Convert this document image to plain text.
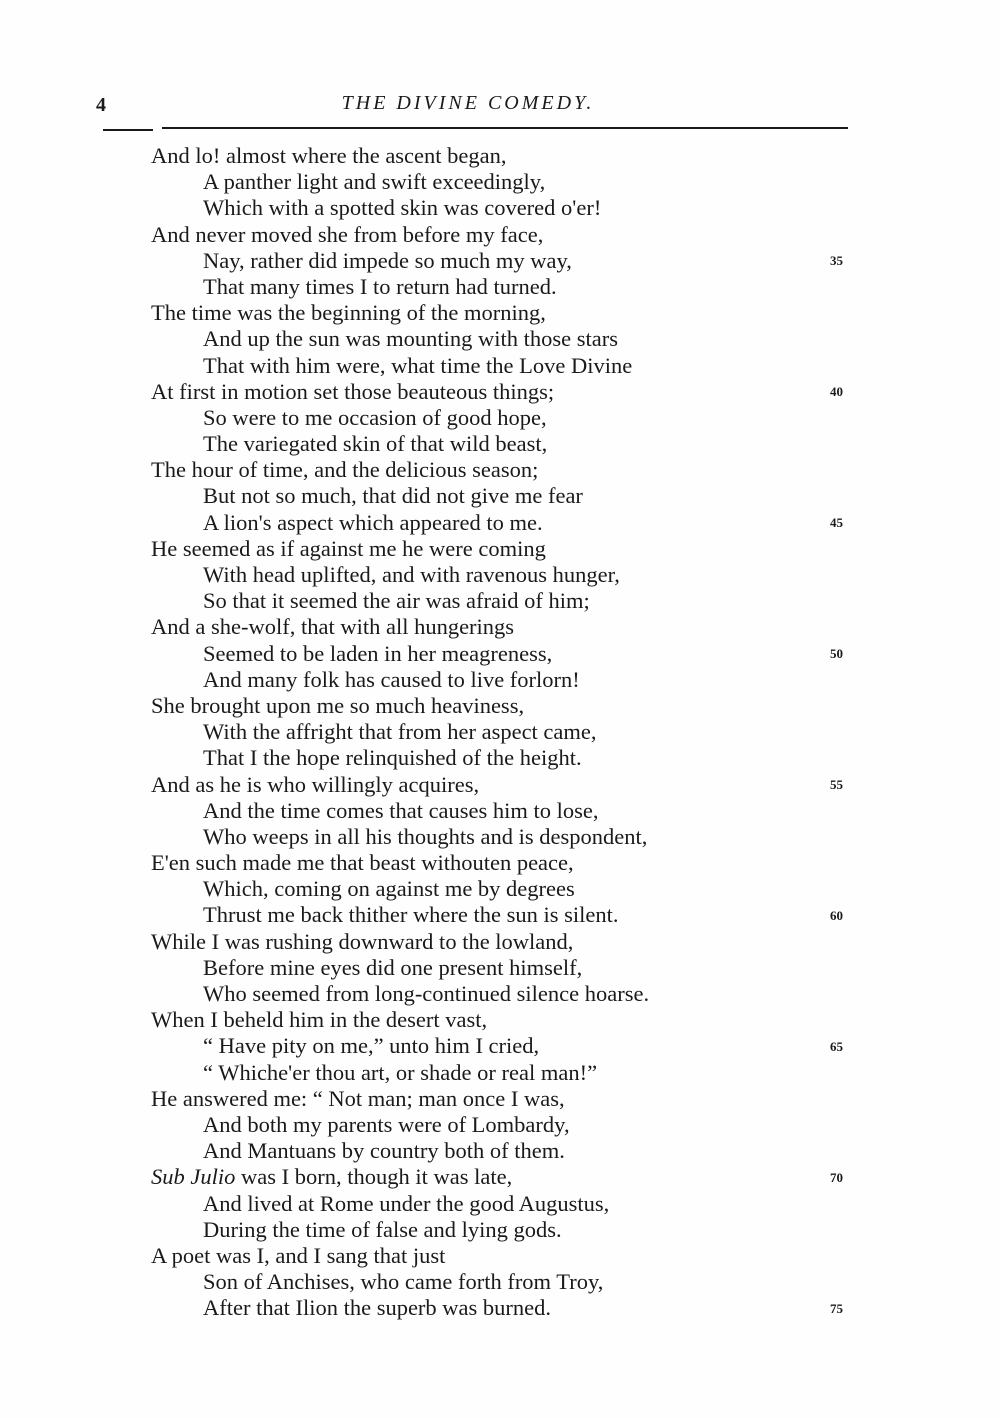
4	THE DIVINE COMEDY.
And lo! almost where the ascent began,
A panther light and swift exceedingly,
Which with a spotted skin was covered o'er!
And never moved she from before my face,
Nay, rather did impede so much my way,
That many times I to return had turned.
The time was the beginning of the morning,
And up the sun was mounting with those stars
That with him were, what time the Love Divine
At first in motion set those beauteous things;
So were to me occasion of good hope,
The variegated skin of that wild beast,
The hour of time, and the delicious season;
But not so much, that did not give me fear
A lion's aspect which appeared to me.
He seemed as if against me he were coming
With head uplifted, and with ravenous hunger,
So that it seemed the air was afraid of him;
And a she-wolf, that with all hungerings
Seemed to be laden in her meagreness,
And many folk has caused to live forlorn!
She brought upon me so much heaviness,
With the affright that from her aspect came,
That I the hope relinquished of the height.
And as he is who willingly acquires,
And the time comes that causes him to lose,
Who weeps in all his thoughts and is despondent,
E'en such made me that beast withouten peace,
Which, coming on against me by degrees
Thrust me back thither where the sun is silent.
While I was rushing downward to the lowland,
Before mine eyes did one present himself,
Who seemed from long-continued silence hoarse.
When I beheld him in the desert vast,
“ Have pity on me,” unto him I cried,
“ Whiche'er thou art, or shade or real man!”
He answered me: “ Not man; man once I was,
And both my parents were of Lombardy,
And Mantuans by country both of them.
Sub Julio was I born, though it was late,
And lived at Rome under the good Augustus,
During the time of false and lying gods.
A poet was I, and I sang that just
Son of Anchises, who came forth from Troy,
After that Ilion the superb was burned.
35
40
45
50
55
60
65
70
75
